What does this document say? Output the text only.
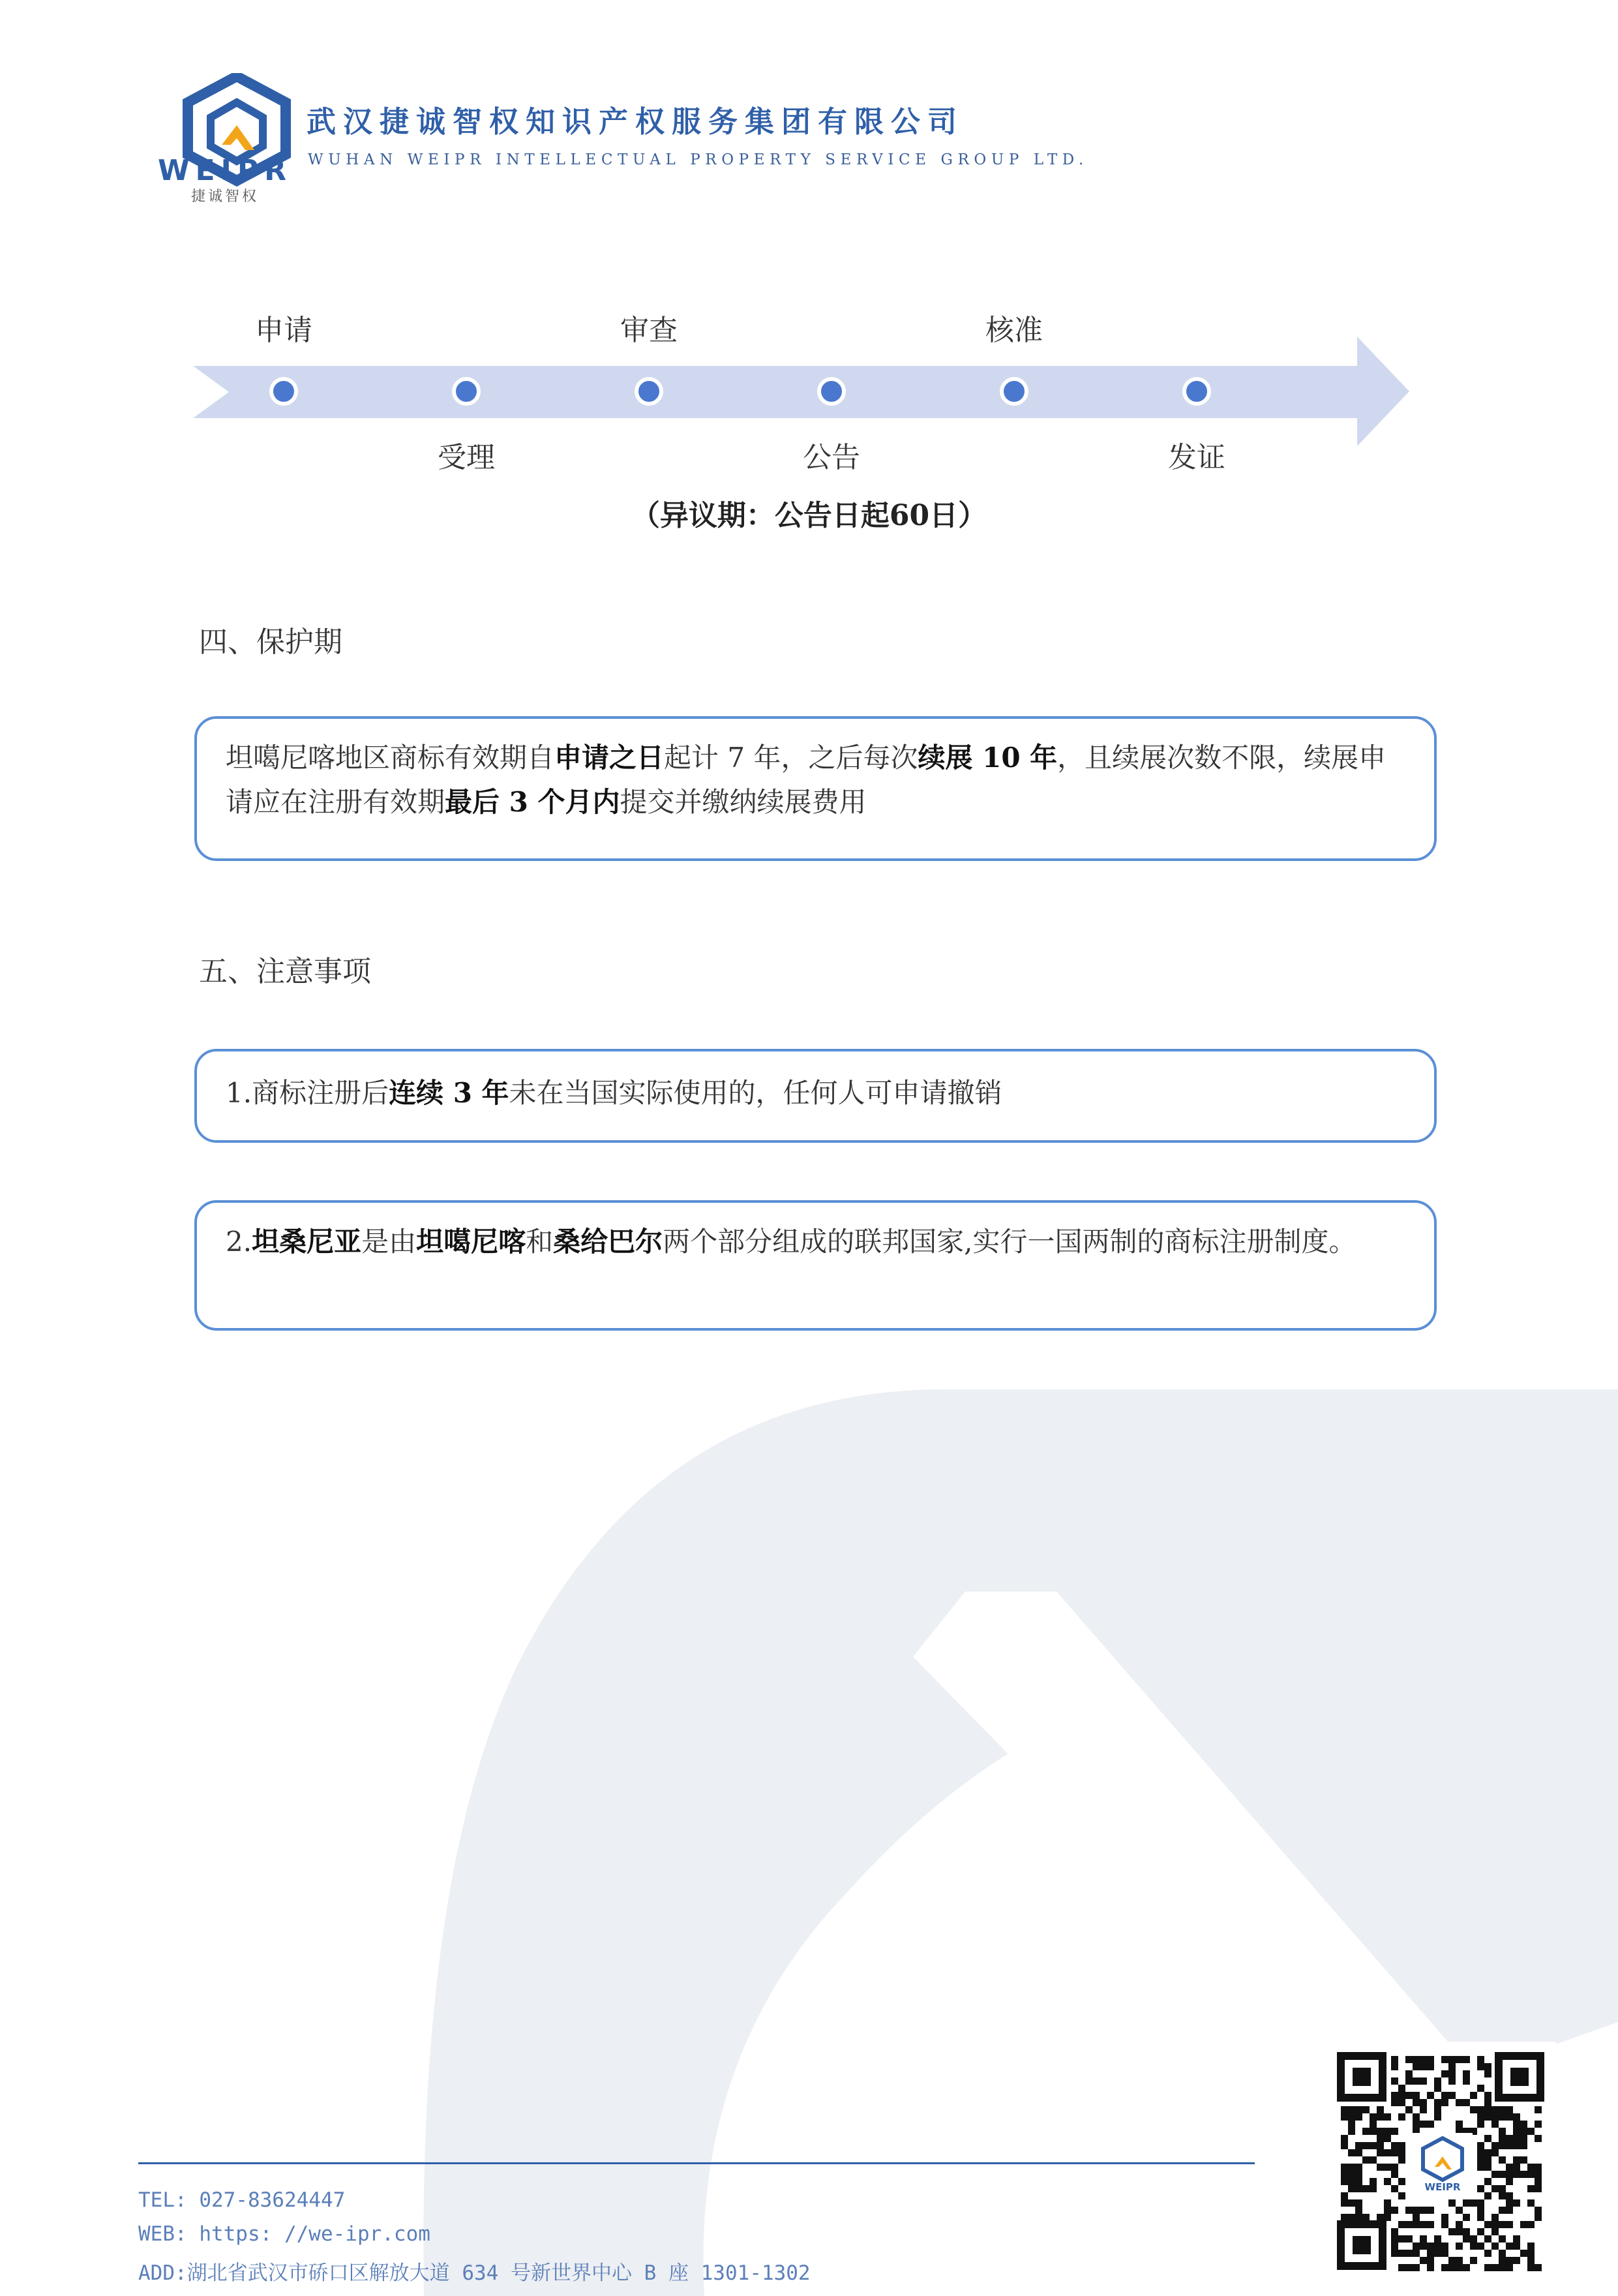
WEIPR
捷诚智权
武汉捷诚智权知识产权服务集团有限公司
WUHAN WEIPR INTELLECTUAL PROPERTY SERVICE GROUP LTD.
申请	审查	核准
受理	公告	发证
（异议期：公告日起60日）
四、保护期

坦噶尼喀地区商标有效期自申请之日起计 7 年，之后每次续展 10 年，且续展次数不限，续展申请应在注册有效期最后 3 个月内提交并缴纳续展费用

五、注意事项

1.商标注册后连续 3 年未在当国实际使用的，任何人可申请撤销

2.坦桑尼亚是由坦噶尼喀和桑给巴尔两个部分组成的联邦国家,实行一国两制的商标注册制度。

TEL: 027-83624447
WEB: https: //we-ipr.com
ADD:湖北省武汉市硚口区解放大道 634 号新世界中心 B 座 1301-1302
WEIPR
